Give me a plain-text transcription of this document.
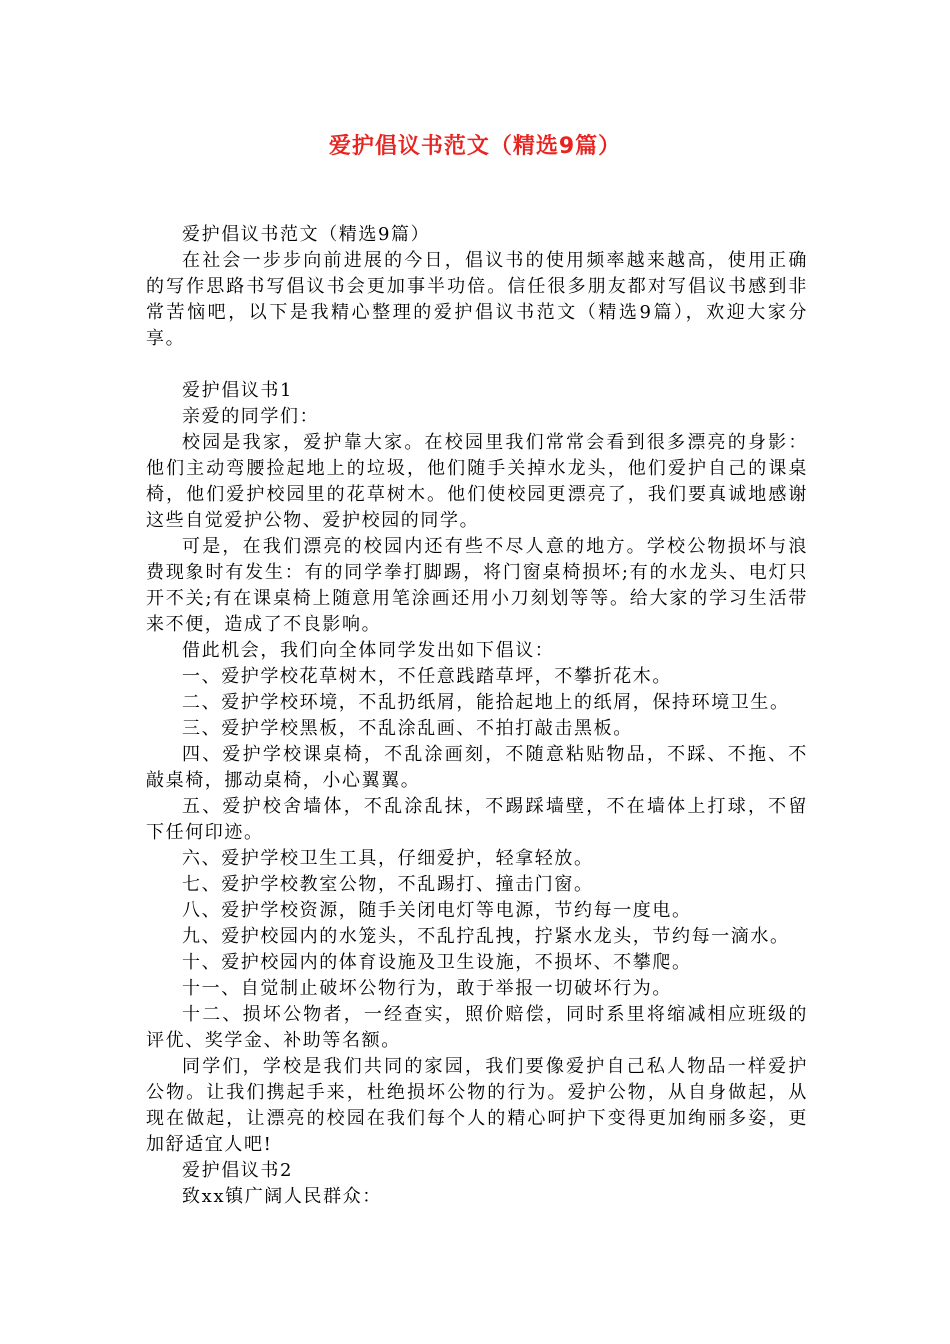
爱护倡议书范文（精选9篇）

爱护倡议书范文（精选9篇）

在社会一步步向前进展的今日，倡议书的使用频率越来越高，使用正确的写作思路书写倡议书会更加事半功倍。信任很多朋友都对写倡议书感到非常苦恼吧，以下是我精心整理的爱护倡议书范文（精选9篇），欢迎大家分享。

爱护倡议书1

亲爱的同学们：

校园是我家，爱护靠大家。在校园里我们常常会看到很多漂亮的身影：他们主动弯腰捡起地上的垃圾，他们随手关掉水龙头，他们爱护自己的课桌椅，他们爱护校园里的花草树木。他们使校园更漂亮了，我们要真诚地感谢这些自觉爱护公物、爱护校园的同学。

可是，在我们漂亮的校园内还有些不尽人意的地方。学校公物损坏与浪费现象时有发生：有的同学拳打脚踢，将门窗桌椅损坏;有的水龙头、电灯只开不关;有在课桌椅上随意用笔涂画还用小刀刻划等等。给大家的学习生活带来不便，造成了不良影响。

借此机会，我们向全体同学发出如下倡议：

一、爱护学校花草树木，不任意践踏草坪，不攀折花木。

二、爱护学校环境，不乱扔纸屑，能拾起地上的纸屑，保持环境卫生。

三、爱护学校黑板，不乱涂乱画、不拍打敲击黑板。

四、爱护学校课桌椅，不乱涂画刻，不随意粘贴物品，不踩、不拖、不敲桌椅，挪动桌椅，小心翼翼。

五、爱护校舍墙体，不乱涂乱抹，不踢踩墙壁，不在墙体上打球，不留下任何印迹。

六、爱护学校卫生工具，仔细爱护，轻拿轻放。

七、爱护学校教室公物，不乱踢打、撞击门窗。

八、爱护学校资源，随手关闭电灯等电源，节约每一度电。

九、爱护校园内的水笼头，不乱拧乱拽，拧紧水龙头，节约每一滴水。

十、爱护校园内的体育设施及卫生设施，不损坏、不攀爬。

十一、自觉制止破坏公物行为，敢于举报一切破坏行为。

十二、损坏公物者，一经查实，照价赔偿，同时系里将缩减相应班级的评优、奖学金、补助等名额。

同学们，学校是我们共同的家园，我们要像爱护自己私人物品一样爱护公物。让我们携起手来，杜绝损坏公物的行为。爱护公物，从自身做起，从现在做起，让漂亮的校园在我们每个人的精心呵护下变得更加绚丽多姿，更加舒适宜人吧!

爱护倡议书2

致xx镇广阔人民群众：
